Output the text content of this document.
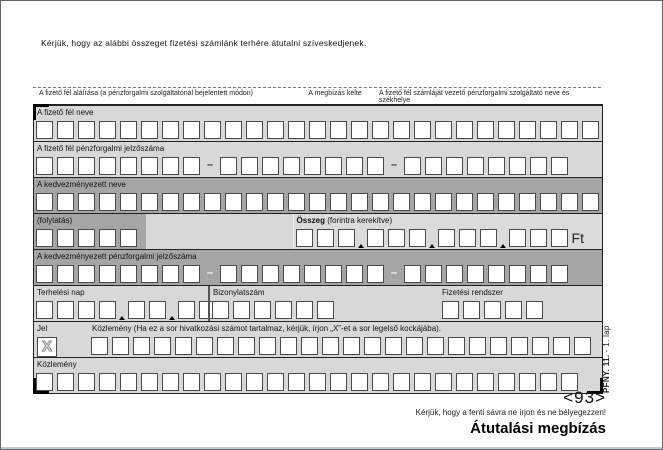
Kérjük, hogy az alábbi összeget fizetési számlánk terhére átutalni szíveskedjenek.
A fizető fél aláírása (a pénzforgalmi szolgáltatónál bejelentett módon)	A megbízás kelte	A fizető fél számláját vezető pénzforgalmi szolgáltató neve és székhelye
A fizető fél neve
A fizető fél pénzforgalmi jelzőszáma
–	–
A kedvezményezett neve
(folytatás)	Összeg (forintra kerekítve)
Ft
A kedvezményezett pénzforgalmi jelzőszáma
–	–
Terhelési nap	Bizonylatszám	Fizetési rendszer
Jel
X
Közlemény (Ha ez a sor hivatkozási számot tartalmaz, kérjük, írjon „X”-et a sor legelső kockájába).
Közlemény	PFNY. 11. - 1. lap
<93>
Kérjük, hogy a fenti sávra ne írjon és ne bélyegezzen!
Átutalási megbízás
